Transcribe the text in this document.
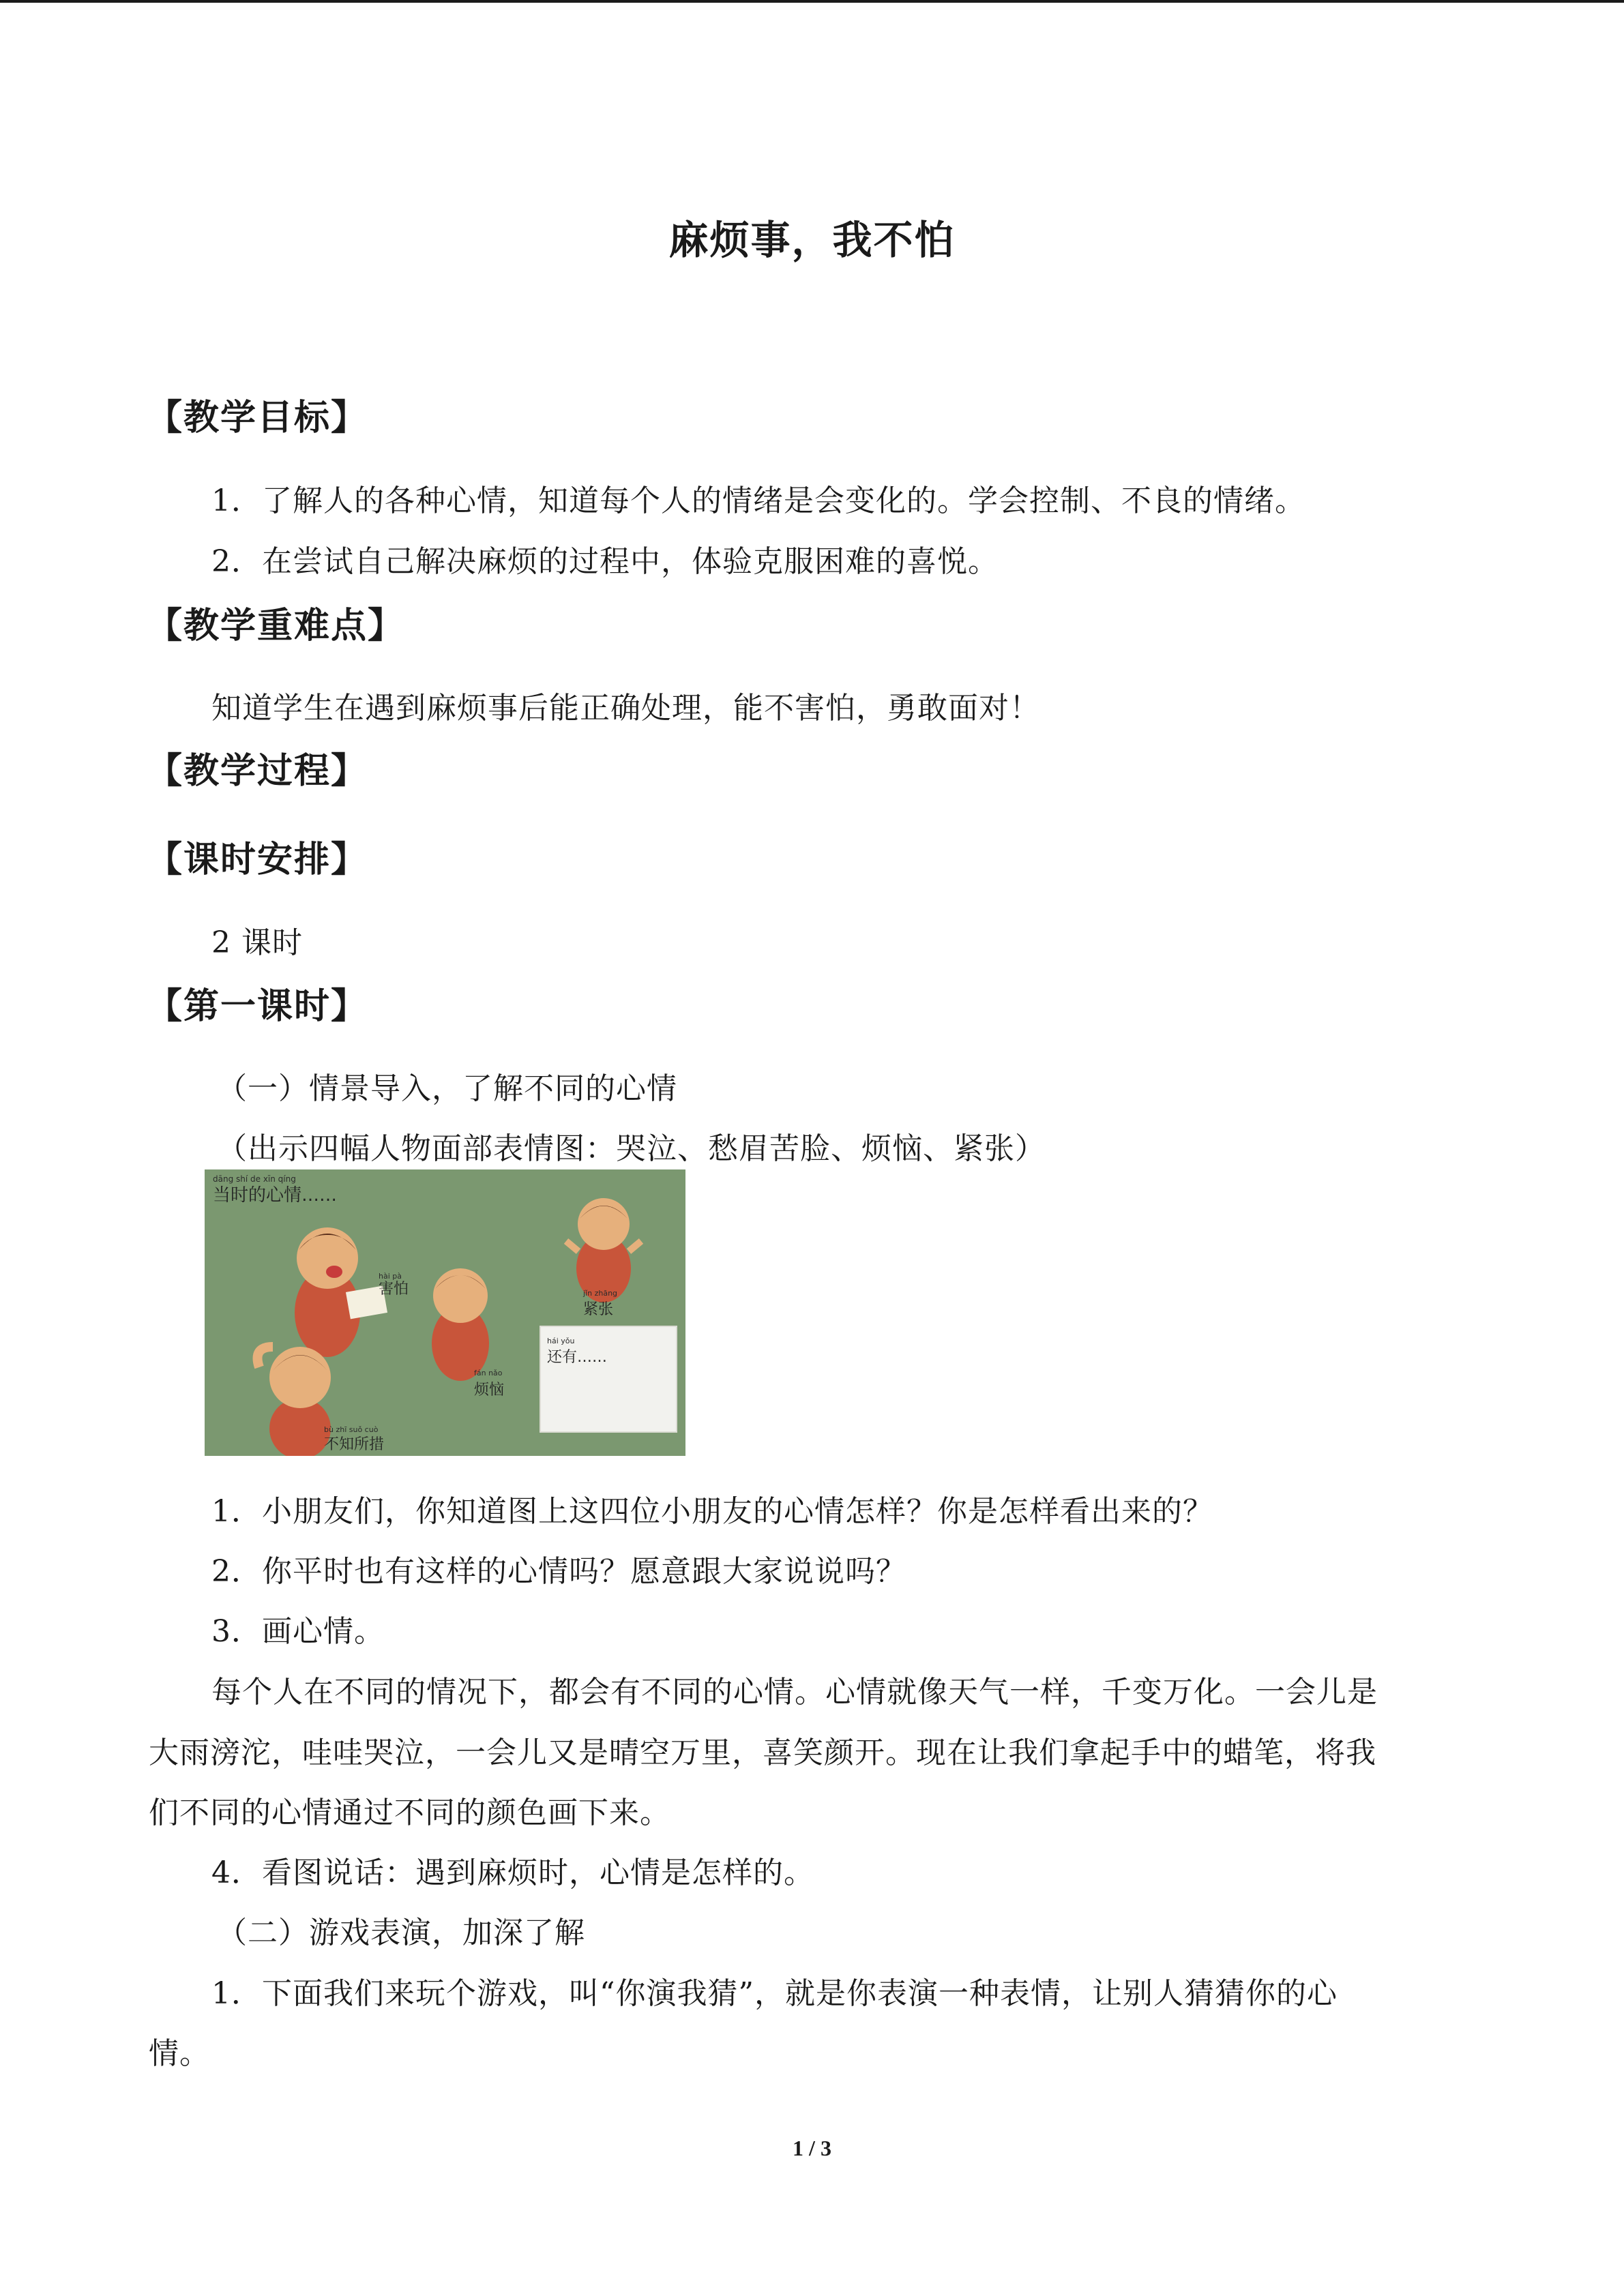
麻烦事，我不怕
【教学目标】
1．了解人的各种心情，知道每个人的情绪是会变化的。学会控制、不良的情绪。
2．在尝试自己解决麻烦的过程中，体验克服困难的喜悦。
【教学重难点】
知道学生在遇到麻烦事后能正确处理，能不害怕，勇敢面对！
【教学过程】
【课时安排】
2 课时
【第一课时】
（一）情景导入，了解不同的心情
（出示四幅人物面部表情图：哭泣、愁眉苦脸、烦恼、紧张）
dāng shí de xīn qíng
当时的心情……
hài pà
害怕
fán nǎo
烦恼
jǐn zhāng
紧张
bù zhī suǒ cuò
不知所措
hái yǒu
还有……
1．小朋友们，你知道图上这四位小朋友的心情怎样？你是怎样看出来的？
2．你平时也有这样的心情吗？愿意跟大家说说吗？
3．画心情。
每个人在不同的情况下，都会有不同的心情。心情就像天气一样，千变万化。一会儿是
大雨滂沱，哇哇哭泣，一会儿又是晴空万里，喜笑颜开。现在让我们拿起手中的蜡笔，将我
们不同的心情通过不同的颜色画下来。
4．看图说话：遇到麻烦时，心情是怎样的。
（二）游戏表演，加深了解
1．下面我们来玩个游戏，叫“你演我猜”，就是你表演一种表情，让别人猜猜你的心
情。
1 / 3
